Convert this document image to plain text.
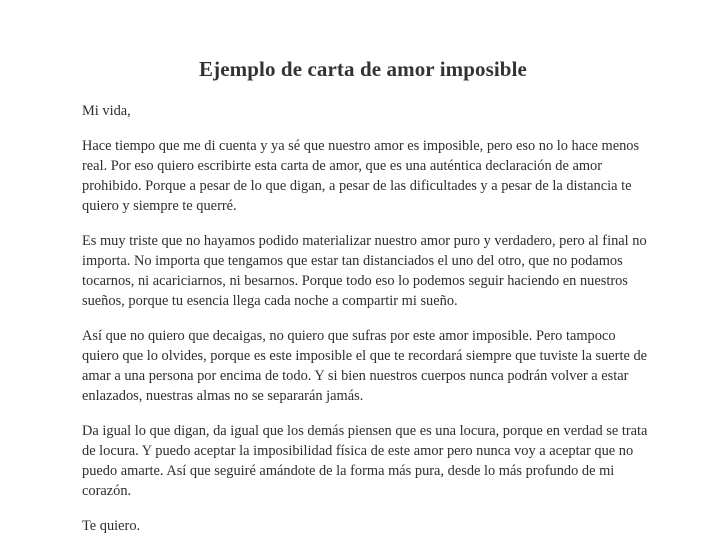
Ejemplo de carta de amor imposible

Mi vida,

Hace tiempo que me di cuenta y ya sé que nuestro amor es imposible, pero eso no lo hace menos real. Por eso quiero escribirte esta carta de amor, que es una auténtica declaración de amor prohibido. Porque a pesar de lo que digan, a pesar de las dificultades y a pesar de la distancia te quiero y siempre te querré.

Es muy triste que no hayamos podido materializar nuestro amor puro y verdadero, pero al final no importa. No importa que tengamos que estar tan distanciados el uno del otro, que no podamos tocarnos, ni acariciarnos, ni besarnos. Porque todo eso lo podemos seguir haciendo en nuestros sueños, porque tu esencia llega cada noche a compartir mi sueño.

Así que no quiero que decaigas, no quiero que sufras por este amor imposible. Pero tampoco quiero que lo olvides, porque es este imposible el que te recordará siempre que tuviste la suerte de amar a una persona por encima de todo. Y si bien nuestros cuerpos nunca podrán volver a estar enlazados, nuestras almas no se separarán jamás.

Da igual lo que digan, da igual que los demás piensen que es una locura, porque en verdad se trata de locura. Y puedo aceptar la imposibilidad física de este amor pero nunca voy a aceptar que no puedo amarte. Así que seguiré amándote de la forma más pura, desde lo más profundo de mi corazón.

Te quiero.
